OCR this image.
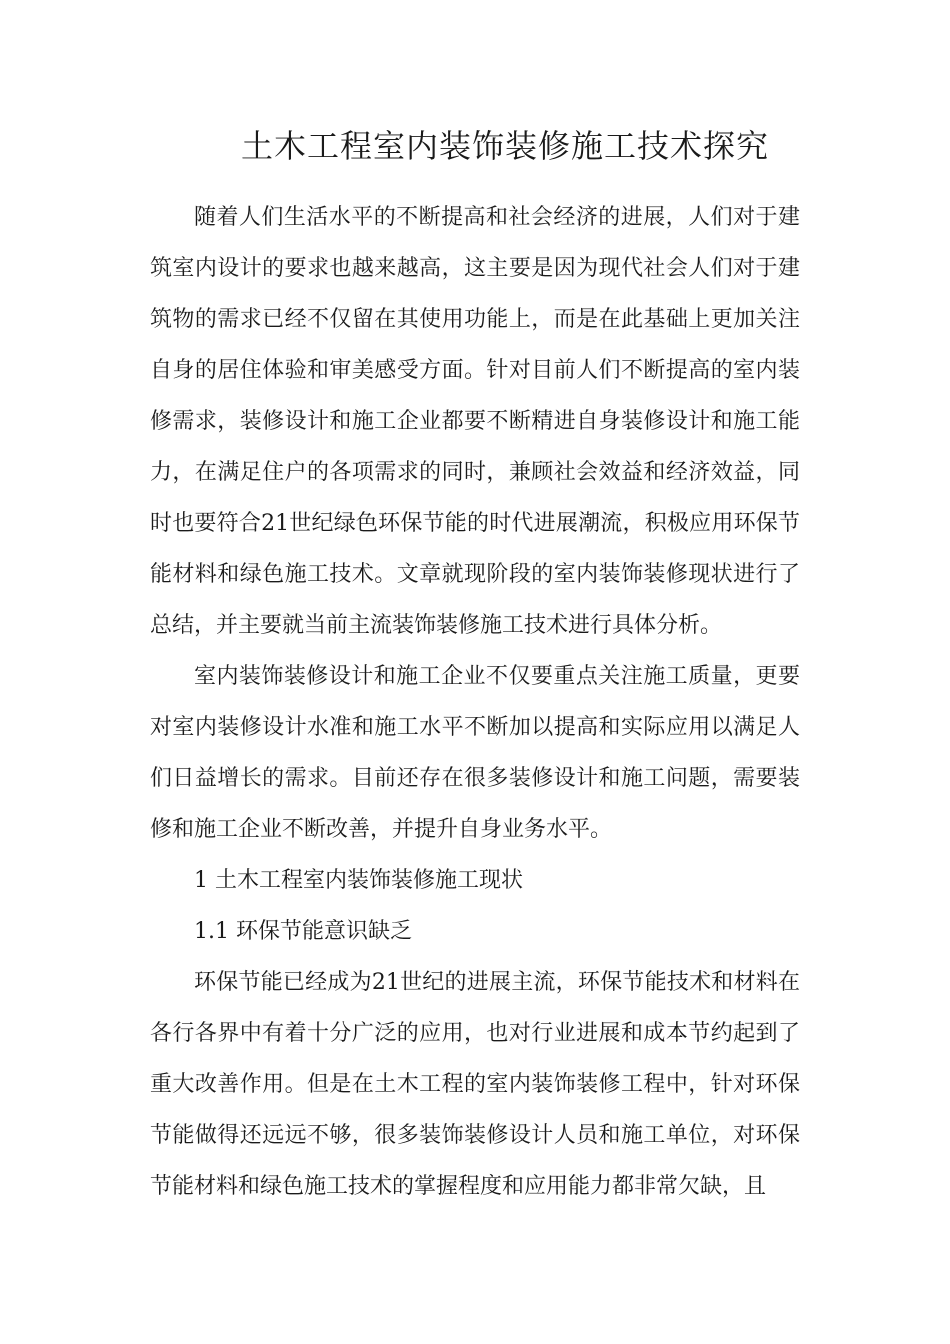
土木工程室内装饰装修施工技术探究

随着人们生活水平的不断提高和社会经济的进展，人们对于建筑室内设计的要求也越来越高，这主要是因为现代社会人们对于建筑物的需求已经不仅留在其使用功能上，而是在此基础上更加关注自身的居住体验和审美感受方面。针对目前人们不断提高的室内装修需求，装修设计和施工企业都要不断精进自身装修设计和施工能力，在满足住户的各项需求的同时，兼顾社会效益和经济效益，同时也要符合21世纪绿色环保节能的时代进展潮流，积极应用环保节能材料和绿色施工技术。文章就现阶段的室内装饰装修现状进行了总结，并主要就当前主流装饰装修施工技术进行具体分析。

室内装饰装修设计和施工企业不仅要重点关注施工质量，更要对室内装修设计水准和施工水平不断加以提高和实际应用以满足人们日益增长的需求。目前还存在很多装修设计和施工问题，需要装修和施工企业不断改善，并提升自身业务水平。

1 土木工程室内装饰装修施工现状

1.1 环保节能意识缺乏

环保节能已经成为21世纪的进展主流，环保节能技术和材料在各行各界中有着十分广泛的应用，也对行业进展和成本节约起到了重大改善作用。但是在土木工程的室内装饰装修工程中，针对环保节能做得还远远不够，很多装饰装修设计人员和施工单位，对环保节能材料和绿色施工技术的掌握程度和应用能力都非常欠缺，且
